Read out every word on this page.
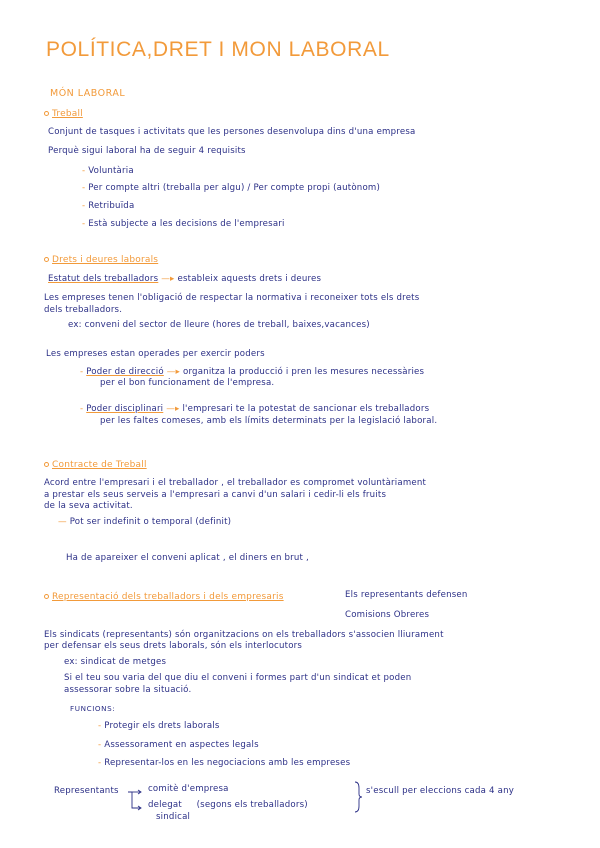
POLÍTICA,DRET I MON LABORAL
MÓN LABORAL
Treball
Conjunt de tasques i activitats que les persones desenvolupa dins d'una empresa
Perquè sigui laboral ha de seguir 4 requisits
- Voluntària
- Per compte altri (treballa per algu) / Per compte propi (autònom)
- Retribuïda
- Està subjecte a les decisions de l'empresari
Drets i deures laborals
Estatut dels treballadors —▸ estableix aquests drets i deures
Les empreses tenen l'obligació de respectar la normativa i reconeixer tots els drets
dels treballadors.
ex: conveni del sector de lleure (hores de treball, baixes,vacances)
Les empreses estan operades per exercir poders
- Poder de direcció —▸ organitza la producció i pren les mesures necessàries
per el bon funcionament de l'empresa.
- Poder disciplinari —▸ l'empresari te la potestat de sancionar els treballadors
per les faltes comeses, amb els límits determinats per la legislació laboral.
Contracte de Treball
Acord entre l'empresari i el treballador , el treballador es compromet voluntàriament
a prestar els seus serveis a l'empresari a canvi d'un salari i cedir-li els fruits
de la seva activitat.
— Pot ser indefinit o temporal (definit)
Ha de aparеixer el conveni aplicat , el diners en brut ,
Representació dels treballadors i dels empresaris	Els representants defensen
Comisions Obreres
Els sindicats (representants) són organitzacions on els treballadors s'associen lliurament
per defensar els seus drets laborals, són els interlocutors
ex: sindicat de metges
Si el teu sou varia del que diu el conveni i formes part d'un sindicat et poden
assessorar sobre la situació.
FUNCIONS:
- Protegir els drets laborals
- Assessorament en aspectes legals
- Representar-los en les negociacions amb les empreses
Representants	comitè d'empresa
delegat (segons els treballadors)
sindical
s'escull per eleccions cada 4 any
